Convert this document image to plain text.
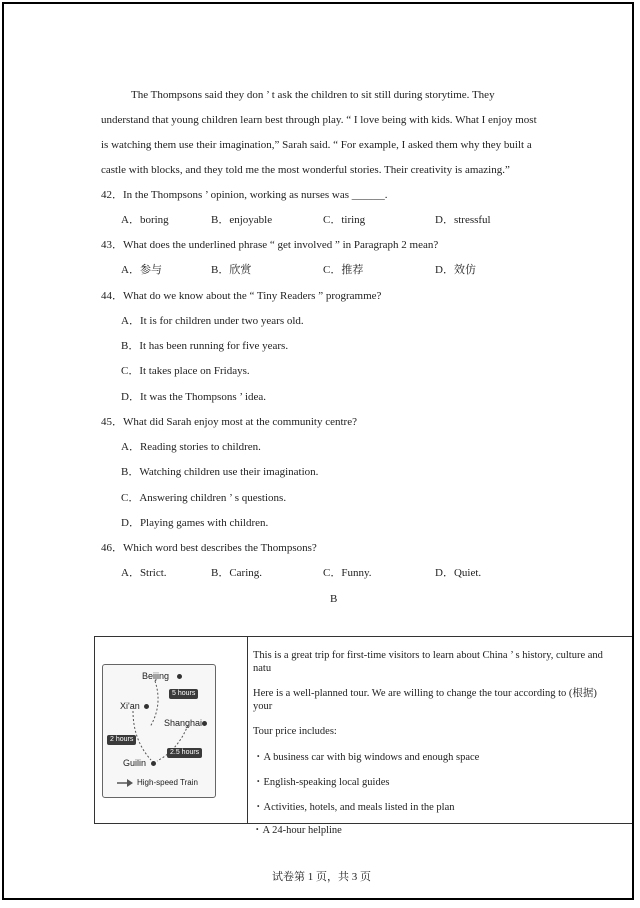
The Thompsons said they don ’ t ask the children to sit still during storytime. They
understand that young children learn best through play. “ I love being with kids. What I enjoy most
is watching them use their imagination,” Sarah said. “ For example, I asked them why they built a
castle with blocks, and they told me the most wonderful stories. Their creativity is amazing.”
42．In the Thompsons ’ opinion, working as nurses was ______.
A．boring	B．enjoyable	C．tiring	D．stressful
43．What does the underlined phrase “ get involved ” in Paragraph 2 mean?
A．参与	B．欣赏	C．推荐	D．效仿
44．What do we know about the “ Tiny Readers ” programme?
A．It is for children under two years old.
B．It has been running for five years.
C．It takes place on Fridays.
D．It was the Thompsons ’ idea.
45．What did Sarah enjoy most at the community centre?
A．Reading stories to children.
B．Watching children use their imagination.
C．Answering children ’ s questions.
D．Playing games with children.
46．Which word best describes the Thompsons?
A．Strict.	B．Caring.	C．Funny.	D．Quiet.
B
Beijing
Xi'an
Shanghai
Guilin
5 hours
2 hours
2.5 hours
High-speed Train
This is a great trip for first-time visitors to learn about China ’ s history, culture and
natu
Here is a well-planned tour. We are willing to change the tour according to (根据)
your
Tour price includes:
・A business car with big windows and enough space
・English-speaking local guides
・Activities, hotels, and meals listed in the plan
・A 24-hour helpline
试卷第 1 页，共 3 页
